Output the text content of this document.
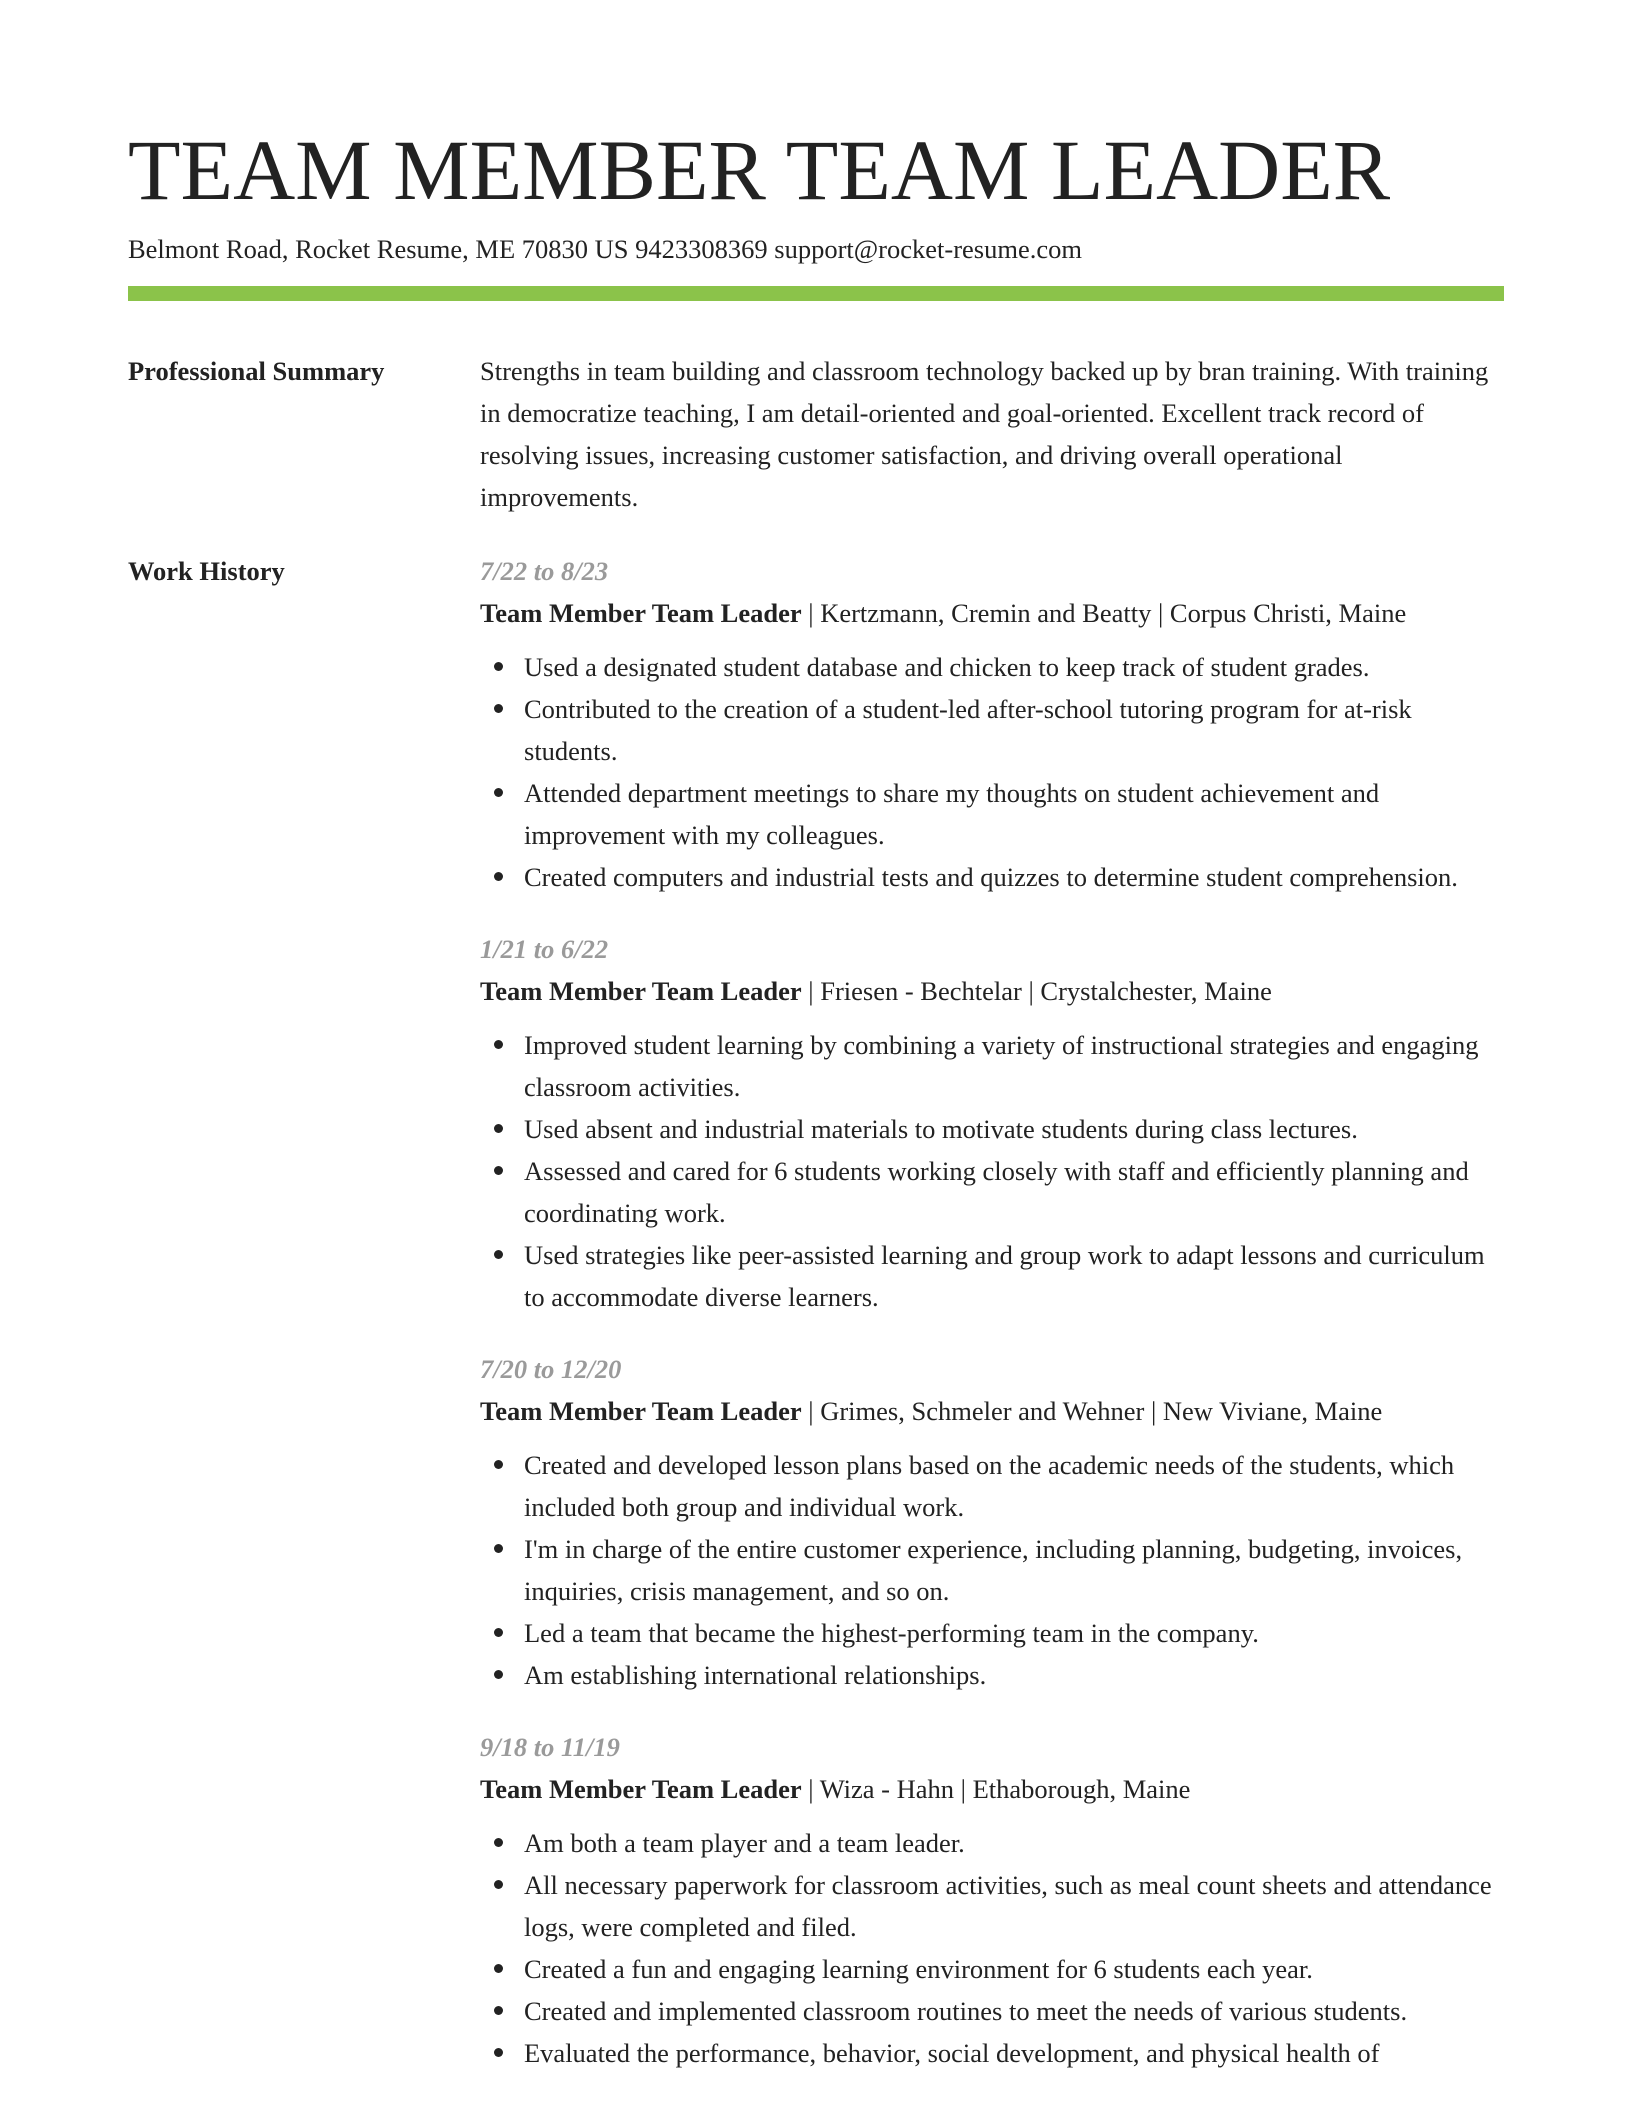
TEAM MEMBER TEAM LEADER
Belmont Road, Rocket Resume, ME 70830 US 9423308369 support@rocket-resume.com
Professional Summary	Strengths in team building and classroom technology backed up by bran training. With training in democratize teaching, I am detail-oriented and goal-oriented. Excellent track record of resolving issues, increasing customer satisfaction, and driving overall operational improvements.

Work History	7/22 to 8/23
Team Member Team Leader | Kertzmann, Cremin and Beatty | Corpus Christi, Maine
Used a designated student database and chicken to keep track of student grades.
Contributed to the creation of a student-led after-school tutoring program for at-risk students.
Attended department meetings to share my thoughts on student achievement and improvement with my colleagues.
Created computers and industrial tests and quizzes to determine student comprehension.
1/21 to 6/22
Team Member Team Leader | Friesen - Bechtelar | Crystalchester, Maine
Improved student learning by combining a variety of instructional strategies and engaging classroom activities.
Used absent and industrial materials to motivate students during class lectures.
Assessed and cared for 6 students working closely with staff and efficiently planning and coordinating work.
Used strategies like peer-assisted learning and group work to adapt lessons and curriculum to accommodate diverse learners.
7/20 to 12/20
Team Member Team Leader | Grimes, Schmeler and Wehner | New Viviane, Maine
Created and developed lesson plans based on the academic needs of the students, which included both group and individual work.
I'm in charge of the entire customer experience, including planning, budgeting, invoices, inquiries, crisis management, and so on.
Led a team that became the highest-performing team in the company.
Am establishing international relationships.
9/18 to 11/19
Team Member Team Leader | Wiza - Hahn | Ethaborough, Maine
Am both a team player and a team leader.
All necessary paperwork for classroom activities, such as meal count sheets and attendance logs, were completed and filed.
Created a fun and engaging learning environment for 6 students each year.
Created and implemented classroom routines to meet the needs of various students.
Evaluated the performance, behavior, social development, and physical health of
